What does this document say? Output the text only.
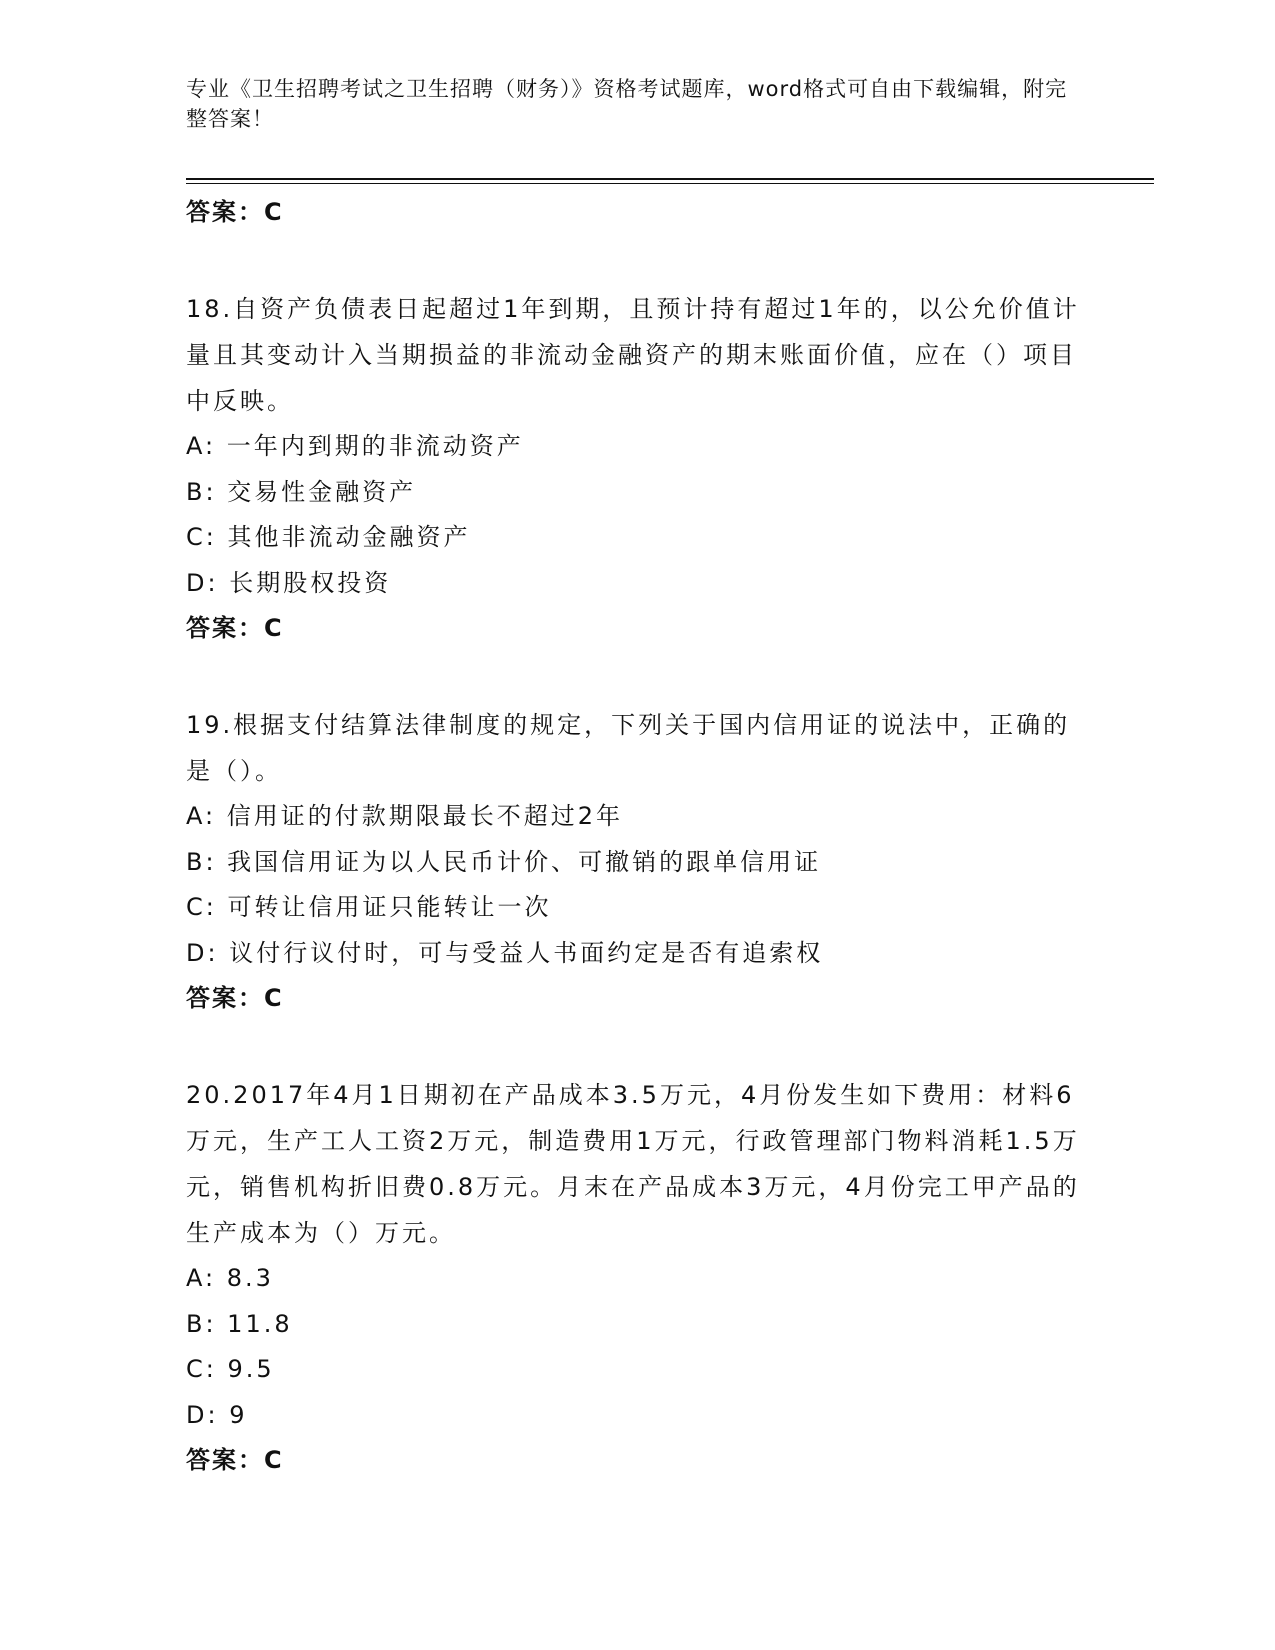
专业《卫生招聘考试之卫生招聘（财务）》资格考试题库，word格式可自由下载编辑，附完整答案！
答案：C
18.自资产负债表日起超过1年到期，且预计持有超过1年的，以公允价值计量且其变动计入当期损益的非流动金融资产的期末账面价值，应在（）项目中反映。
A: 一年内到期的非流动资产
B: 交易性金融资产
C: 其他非流动金融资产
D: 长期股权投资
答案：C
19.根据支付结算法律制度的规定，下列关于国内信用证的说法中，正确的是（）。
A: 信用证的付款期限最长不超过2年
B: 我国信用证为以人民币计价、可撤销的跟单信用证
C: 可转让信用证只能转让一次
D: 议付行议付时，可与受益人书面约定是否有追索权
答案：C
20.2017年4月1日期初在产品成本3.5万元，4月份发生如下费用：材料6万元，生产工人工资2万元，制造费用1万元，行政管理部门物料消耗1.5万元，销售机构折旧费0.8万元。月末在产品成本3万元，4月份完工甲产品的生产成本为（）万元。
A: 8.3
B: 11.8
C: 9.5
D: 9
答案：C
